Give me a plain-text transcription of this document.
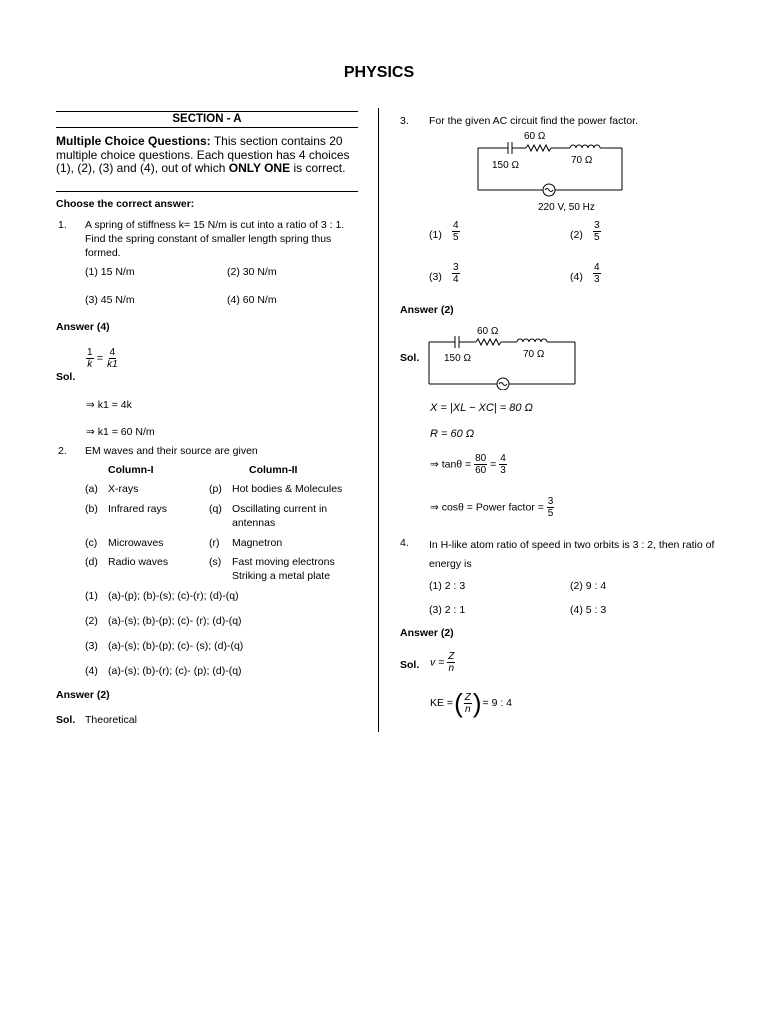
PHYSICS
SECTION - A
Multiple Choice Questions: This section contains 20 multiple choice questions. Each question has 4 choices (1), (2), (3) and (4), out of which ONLY ONE is correct.
Choose the correct answer:
1. A spring of stiffness k= 15 N/m is cut into a ratio of 3 : 1. Find the spring constant of smaller length spring thus formed.
(1) 15 N/m	(2) 30 N/m
(3) 45 N/m	(4) 60 N/m
Answer (4)
$\frac{1}{k} = \frac{4}{k1}$
Sol.
⇒ k1 = 4k
⇒ k1 = 60 N/m
2. EM waves and their source are given
Column-I	Column-II
(a) X-rays	(p) Hot bodies & Molecules
(b) Infrared rays	(q) Oscillating current in antennas
(c) Microwaves	(r) Magnetron
(d) Radio waves	(s) Fast moving electrons Striking a metal plate
(1) (a)-(p); (b)-(s); (c)-(r); (d)-(q)
(2) (a)-(s); (b)-(p); (c)- (r); (d)-(q)
(3) (a)-(s); (b)-(p); (c)- (s); (d)-(q)
(4) (a)-(s); (b)-(r); (c)- (p); (d)-(q)
Answer (2)
Sol. Theoretical
3. For the given AC circuit find the power factor.
60 Ω
150 Ω	70 Ω
220 V, 50 Hz
$(1) \frac{4}{5}$	$(2) \frac{3}{5}$
$(3) \frac{3}{4}$	$(4) \frac{4}{3}$
Answer (2)
60 Ω
150 Ω	70 Ω
Sol.
X = |XL − XC| = 80 Ω
R = 60 Ω
⇒ $\tan\theta = \frac{80}{60} = \frac{4}{3}$
⇒ cosθ = Power factor = $\frac{3}{5}$
4. In H-like atom ratio of speed in two orbits is 3 : 2, then ratio of energy is
(1) 2 : 3	(2) 9 : 4
(3) 2 : 1	(4) 5 : 3
Answer (2)
Sol. $v = \frac{Z}{n}$
KE = ( $\frac{Z}{n}$ ) = 9 : 4
